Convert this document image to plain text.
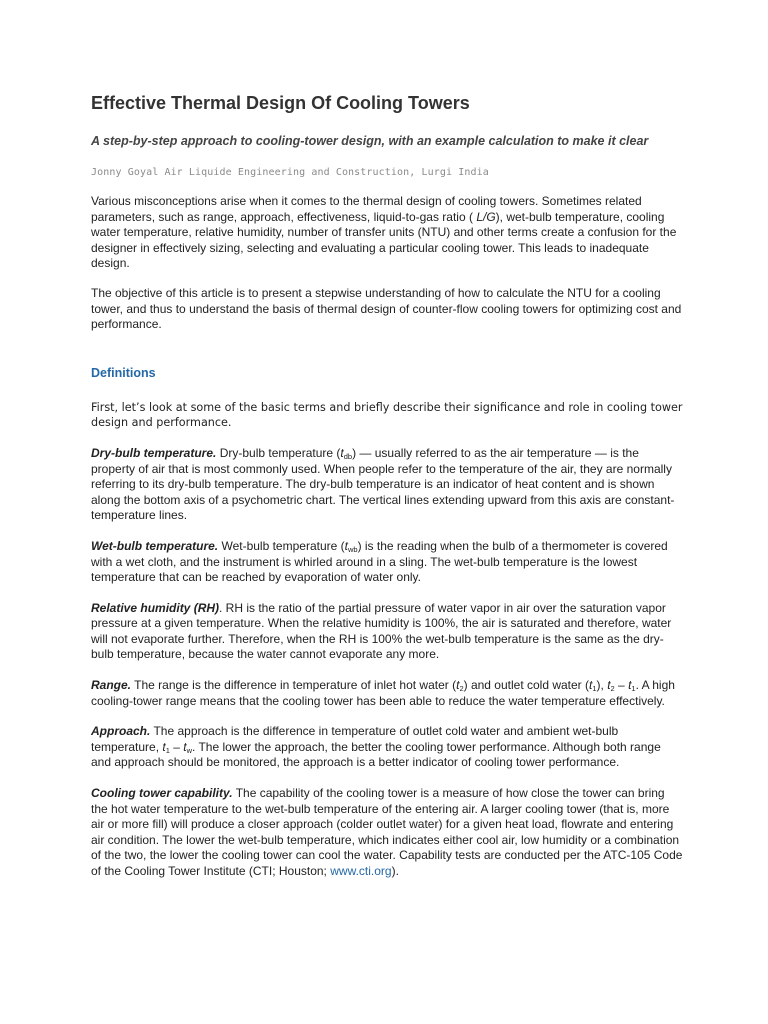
Effective Thermal Design Of Cooling Towers
A step-by-step approach to cooling-tower design, with an example calculation to make it clear
Jonny Goyal Air Liquide Engineering and Construction, Lurgi India

Various misconceptions arise when it comes to the thermal design of cooling towers. Sometimes related parameters, such as range, approach, effectiveness, liquid-to-gas ratio ( L/G), wet-bulb temperature, cooling water temperature, relative humidity, number of transfer units (NTU) and other terms create a confusion for the designer in effectively sizing, selecting and evaluating a particular cooling tower. This leads to inadequate design.

The objective of this article is to present a stepwise understanding of how to calculate the NTU for a cooling tower, and thus to understand the basis of thermal design of counter-flow cooling towers for optimizing cost and performance.

Definitions

First, let’s look at some of the basic terms and briefly describe their significance and role in cooling tower design and performance.

Dry-bulb temperature. Dry-bulb temperature $(t_{db})$ — usually referred to as the air temperature — is the property of air that is most commonly used. When people refer to the temperature of the air, they are normally referring to its dry-bulb temperature. The dry-bulb temperature is an indicator of heat content and is shown along the bottom axis of a psychometric chart. The vertical lines extending upward from this axis are constant-temperature lines.

Wet-bulb temperature. Wet-bulb temperature $(t_{wb})$ is the reading when the bulb of a thermometer is covered with a wet cloth, and the instrument is whirled around in a sling. The wet-bulb temperature is the lowest temperature that can be reached by evaporation of water only.

Relative humidity (RH). RH is the ratio of the partial pressure of water vapor in air over the saturation vapor pressure at a given temperature. When the relative humidity is 100%, the air is saturated and therefore, water will not evaporate further. Therefore, when the RH is 100% the wet-bulb temperature is the same as the dry-bulb temperature, because the water cannot evaporate any more.

Range. The range is the difference in temperature of inlet hot water $(t_2)$ and outlet cold water $(t_1)$, $t_2 - t_1$. A high cooling-tower range means that the cooling tower has been able to reduce the water temperature effectively.

Approach. The approach is the difference in temperature of outlet cold water and ambient wet-bulb temperature, $t_1 - t_w$. The lower the approach, the better the cooling tower performance. Although both range and approach should be monitored, the approach is a better indicator of cooling tower performance.

Cooling tower capability. The capability of the cooling tower is a measure of how close the tower can bring the hot water temperature to the wet-bulb temperature of the entering air. A larger cooling tower (that is, more air or more fill) will produce a closer approach (colder outlet water) for a given heat load, flowrate and entering air condition. The lower the wet-bulb temperature, which indicates either cool air, low humidity or a combination of the two, the lower the cooling tower can cool the water. Capability tests are conducted per the ATC-105 Code of the Cooling Tower Institute (CTI; Houston; www.cti.org).
